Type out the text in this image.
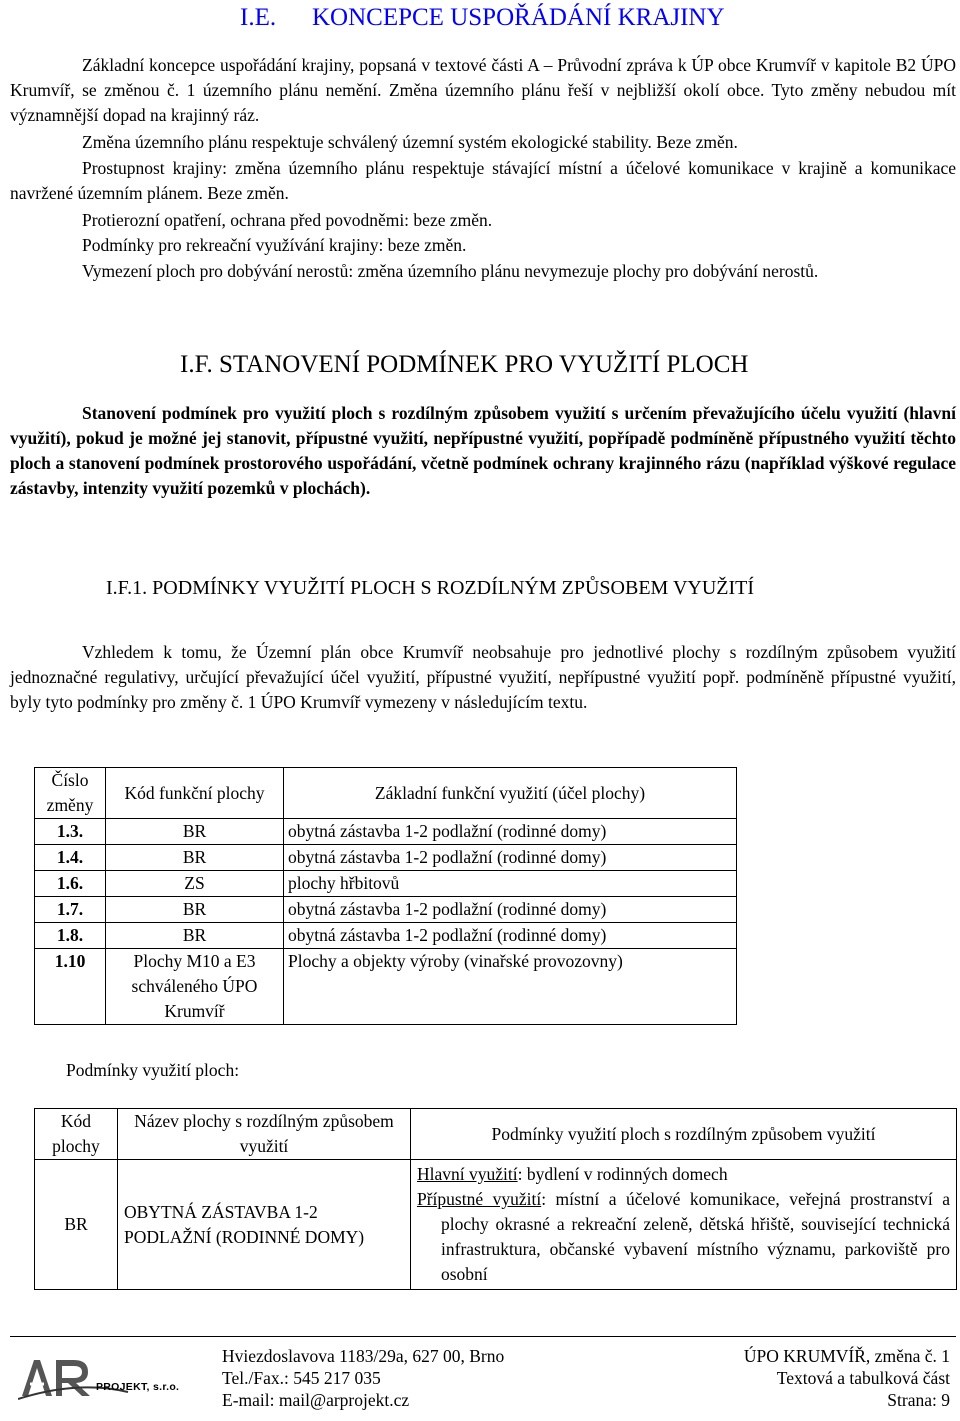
I.E. KONCEPCE USPOŘÁDÁNÍ KRAJINY
Základní koncepce uspořádání krajiny, popsaná v textové části A – Průvodní zpráva k ÚP obce Krumvíř v kapitole B2 ÚPO Krumvíř, se změnou č. 1 územního plánu nemění. Změna územního plánu řeší v nejbližší okolí obce. Tyto změny nebudou mít významnější dopad na krajinný ráz.
Změna územního plánu respektuje schválený územní systém ekologické stability. Beze změn.
Prostupnost krajiny: změna územního plánu respektuje stávající místní a účelové komunikace v krajině a komunikace navržené územním plánem. Beze změn.
Protierozní opatření, ochrana před povodněmi: beze změn.
Podmínky pro rekreační využívání krajiny: beze změn.
Vymezení ploch pro dobývání nerostů: změna územního plánu nevymezuje plochy pro dobývání nerostů.
I.F. STANOVENÍ PODMÍNEK PRO VYUŽITÍ PLOCH
Stanovení podmínek pro využití ploch s rozdílným způsobem využití s určením převažujícího účelu využití (hlavní využití), pokud je možné jej stanovit, přípustné využití, nepřípustné využití, popřípadě podmíněně přípustného využití těchto ploch a stanovení podmínek prostorového uspořádání, včetně podmínek ochrany krajinného rázu (například výškové regulace zástavby, intenzity využití pozemků v plochách).
I.F.1. PODMÍNKY VYUŽITÍ PLOCH S ROZDÍLNÝM ZPŮSOBEM VYUŽITÍ
Vzhledem k tomu, že Územní plán obce Krumvíř neobsahuje pro jednotlivé plochy s rozdílným způsobem využití jednoznačné regulativy, určující převažující účel využití, přípustné využití, nepřípustné využití popř. podmíněně přípustné využití, byly tyto podmínky pro změny č. 1 ÚPO Krumvíř vymezeny v následujícím textu.
Číslo změny	Kód funkční plochy	Základní funkční využití (účel plochy)
1.3.	BR	obytná zástavba 1-2 podlažní (rodinné domy)
1.4.	BR	obytná zástavba 1-2 podlažní (rodinné domy)
1.6.	ZS	plochy hřbitovů
1.7.	BR	obytná zástavba 1-2 podlažní (rodinné domy)
1.8.	BR	obytná zástavba 1-2 podlažní (rodinné domy)
1.10	Plochy M10 a E3 schváleného ÚPO Krumvíř	Plochy a objekty výroby (vinařské provozovny)
Podmínky využití ploch:
Kód plochy	Název plochy s rozdílným způsobem využití	Podmínky využití ploch s rozdílným způsobem využití
BR	OBYTNÁ ZÁSTAVBA 1-2 PODLAŽNÍ (RODINNÉ DOMY)	Hlavní využití: bydlení v rodinných domech
Přípustné využití: místní a účelové komunikace, veřejná prostranství a plochy okrasné a rekreační zeleně, dětská hřiště, související technická infrastruktura, občanské vybavení místního významu, parkoviště pro osobní
PROJEKT, s.r.o.
Hviezdoslavova 1183/29a, 627 00, Brno
Tel./Fax.: 545 217 035
E-mail: mail@arprojekt.cz
ÚPO KRUMVÍŘ, změna č. 1
Textová a tabulková část
Strana: 9
